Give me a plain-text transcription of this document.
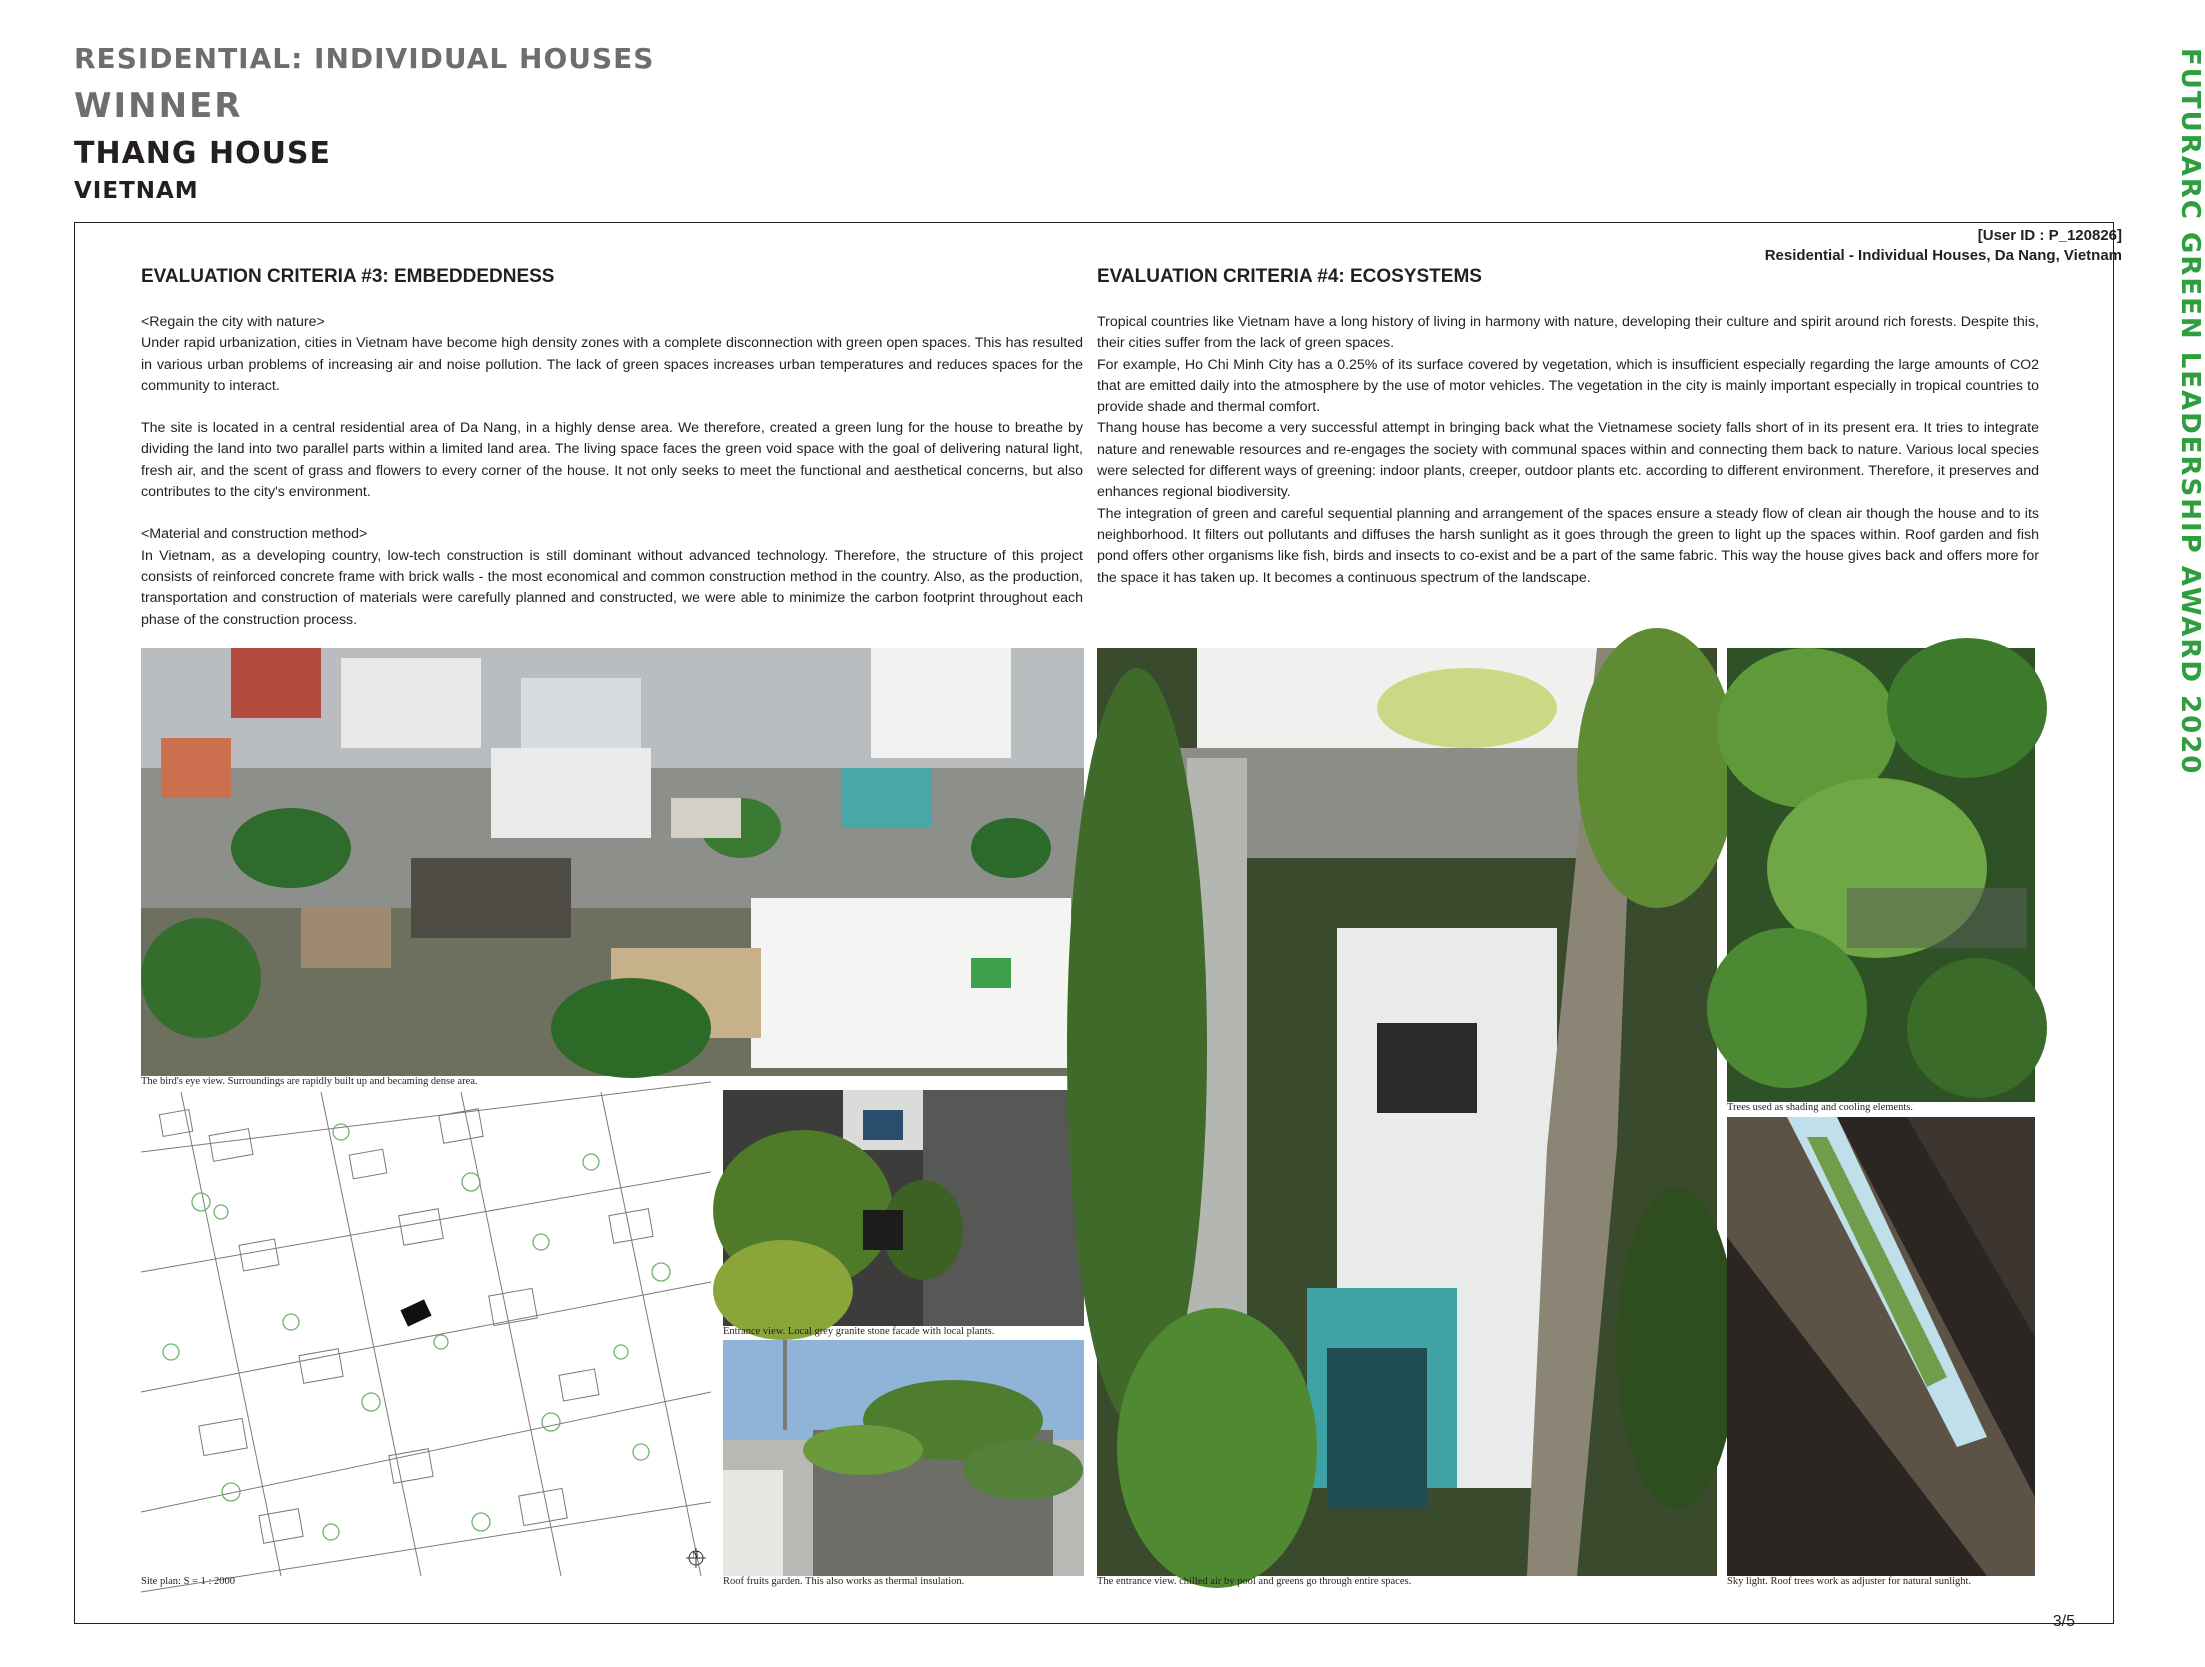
RESIDENTIAL: INDIVIDUAL HOUSES
WINNER
THANG HOUSE
VIETNAM	FUTURARC GREEN LEADERSHIP AWARD 2020
[User ID : P_120826]
Residential - Individual Houses, Da Nang, Vietnam
EVALUATION CRITERIA #3: EMBEDDEDNESS	EVALUATION CRITERIA #4: ECOSYSTEMS

<Regain the city with nature>

Under rapid urbanization, cities in Vietnam have become high density zones with a complete disconnection with green open spaces. This has resulted in various urban problems of increasing air and noise pollution. The lack of green spaces increases urban temperatures and reduces spaces for the community to interact.

The site is located in a central residential area of Da Nang, in a highly dense area. We therefore, created a green lung for the house to breathe by dividing the land into two parallel parts within a limited land area. The living space faces the green void space with the goal of delivering natural light, fresh air, and the scent of grass and flowers to every corner of the house. It not only seeks to meet the functional and aesthetical concerns, but also contributes to the city's environment.

<Material and construction method>

In Vietnam, as a developing country, low-tech construction is still dominant without advanced technology. Therefore, the structure of this project consists of reinforced concrete frame with brick walls - the most economical and common construction method in the country. Also, as the production, transportation and construction of materials were carefully planned and constructed, we were able to minimize the carbon footprint throughout each phase of the construction process.

Tropical countries like Vietnam have a long history of living in harmony with nature, developing their culture and spirit around rich forests. Despite this, their cities suffer from the lack of green spaces.

For example, Ho Chi Minh City has a 0.25% of its surface covered by vegetation, which is insufficient especially regarding the large amounts of CO2 that are emitted daily into the atmosphere by the use of motor vehicles. The vegetation in the city is mainly important especially in tropical countries to provide shade and thermal comfort.

Thang house has become a very successful attempt in bringing back what the Vietnamese society falls short of in its present era. It tries to integrate nature and renewable resources and re-engages the society with communal spaces within and connecting them back to nature. Various local species were selected for different ways of greening: indoor plants, creeper, outdoor plants etc. according to different environment. Therefore, it preserves and enhances regional biodiversity.

The integration of green and careful sequential planning and arrangement of the spaces ensure a steady flow of clean air though the house and to its neighborhood. It filters out pollutants and diffuses the harsh sunlight as it goes through the green to light up the spaces within. Roof garden and fish pond offers other organisms like fish, birds and insects to co-exist and be a part of the same fabric. This way the house gives back and offers more for the space it has taken up. It becomes a continuous spectrum of the landscape.

The bird's eye view. Surroundings are rapidly built up and becaming dense area.
Site plan: S = 1 : 2000
N
Entrance view. Local grey granite stone facade with local plants.
Roof fruits garden. This also works as thermal insulation.	The entrance view. chilled air by pool and greens go through entire spaces.
Trees used as shading and cooling elements.
Sky light. Roof trees work as adjuster for natural sunlight.
3/5
